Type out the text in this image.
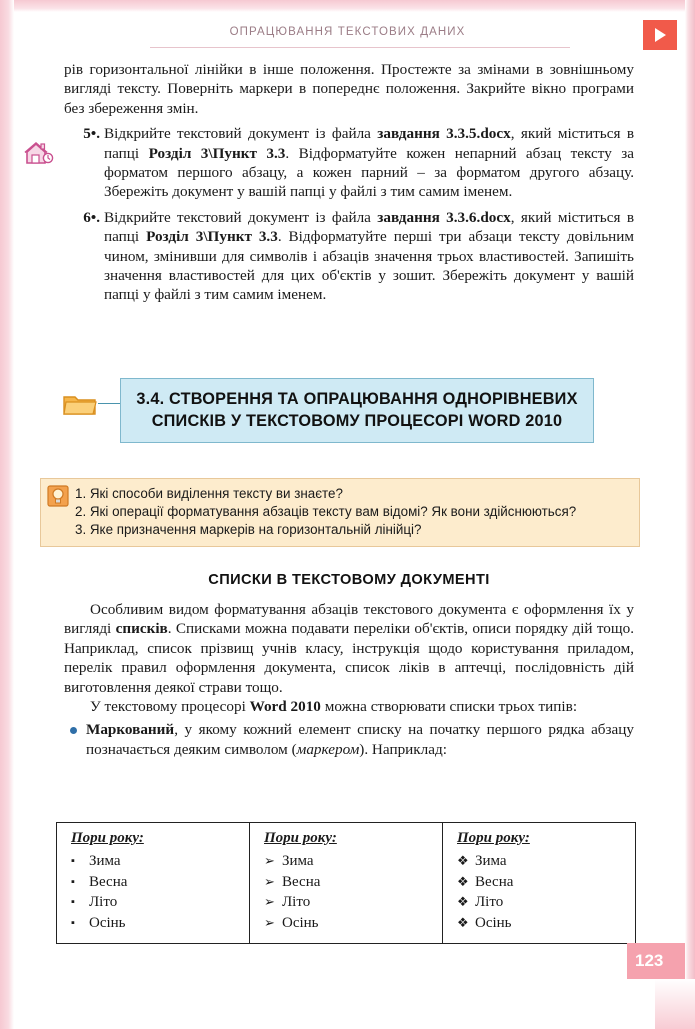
ОПРАЦЮВАННЯ ТЕКСТОВИХ ДАНИХ

рів горизонтальної лінійки в інше положення. Простежте за змінами в зовнішньому вигляді тексту. Поверніть маркери в попереднє положення. Закрийте вікно програми без збереження змін.

5•. Відкрийте текстовий документ із файла завдання 3.3.5.docx, який міститься в папці Розділ 3\Пункт 3.3. Відформатуйте кожен непарний абзац тексту за форматом першого абзацу, а кожен парний – за форматом другого абзацу. Збережіть документ у вашій папці у файлі з тим самим іменем.
6•. Відкрийте текстовий документ із файла завдання 3.3.6.docx, який міститься в папці Розділ 3\Пункт 3.3. Відформатуйте перші три абзаци тексту довільним чином, змінивши для символів і абзаців значення трьох властивостей. Запишіть значення властивостей для цих об'єктів у зошит. Збережіть документ у вашій папці у файлі з тим самим іменем.
3.4. СТВОРЕННЯ ТА ОПРАЦЮВАННЯ ОДНОРІВНЕВИХ СПИСКІВ У ТЕКСТОВОМУ ПРОЦЕСОРІ WORD 2010

1. Які способи виділення тексту ви знаєте?

2. Які операції форматування абзаців тексту вам відомі? Як вони здійснюються?

3. Яке призначення маркерів на горизонтальній лінійці?

СПИСКИ В ТЕКСТОВОМУ ДОКУМЕНТІ

Особливим видом форматування абзаців текстового документа є оформлення їх у вигляді списків. Списками можна подавати переліки об'єктів, описи порядку дій тощо. Наприклад, список прізвищ учнів класу, інструкція щодо користування приладом, перелік правил оформлення документа, список ліків в аптечці, послідовність дій виготовлення деякої страви тощо.

У текстовому процесорі Word 2010 можна створювати списки трьох типів:

Маркований, у якому кожний елемент списку на початку першого рядка абзацу позначається деяким символом (маркером). Наприклад:
Пори року:
▪ Зима
▪ Весна
▪ Літо
▪ Осінь

Пори року:
➢ Зима
➢ Весна
➢ Літо
➢ Осінь

Пори року:
❖ Зима
❖ Весна
❖ Літо
❖ Осінь
123
